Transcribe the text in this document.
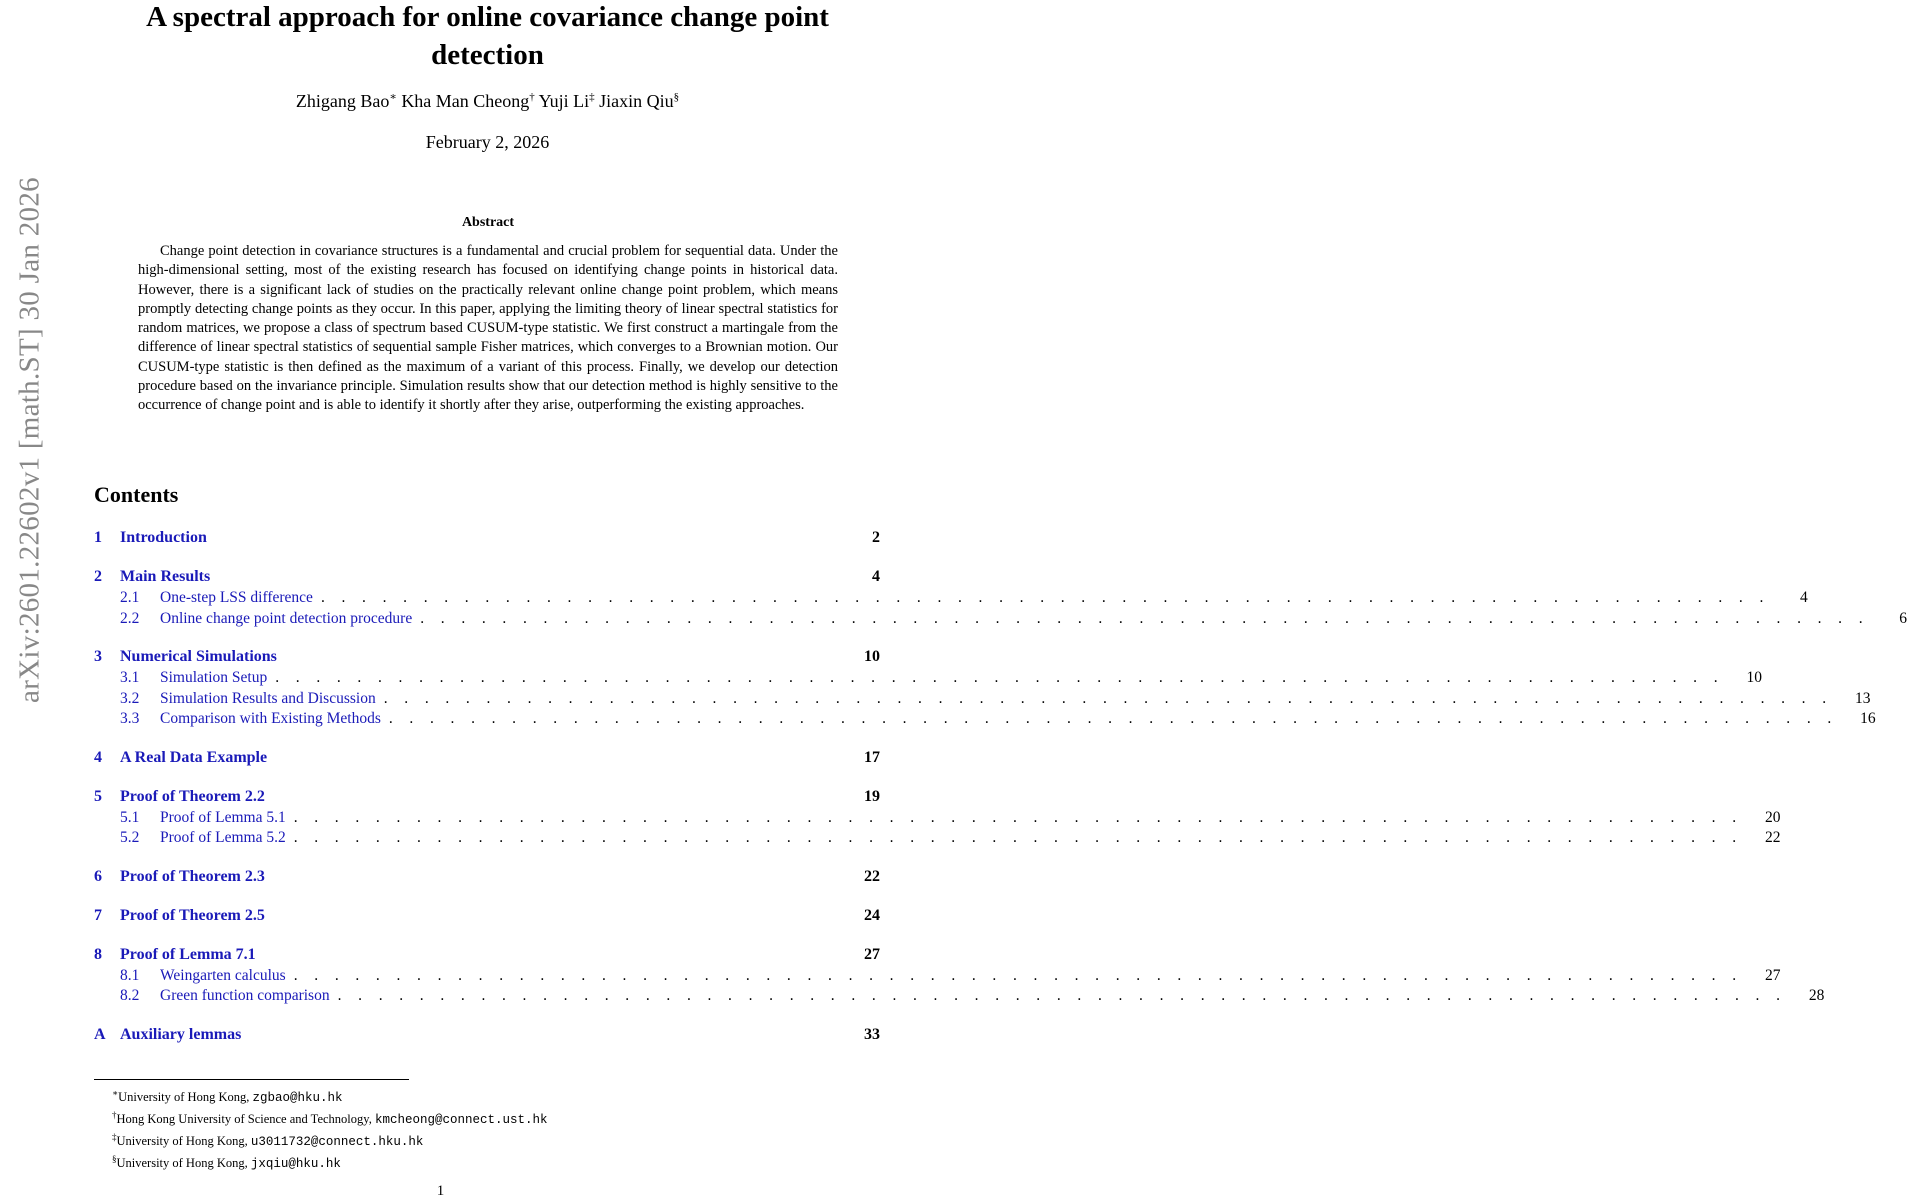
arXiv:2601.22602v1 [math.ST] 30 Jan 2026
A spectral approach for online covariance change point detection
Zhigang Bao∗ Kha Man Cheong† Yuji Li‡ Jiaxin Qiu§
February 2, 2026
Abstract
Change point detection in covariance structures is a fundamental and crucial problem for sequential data. Under the high-dimensional setting, most of the existing research has focused on identifying change points in historical data. However, there is a significant lack of studies on the practically relevant online change point problem, which means promptly detecting change points as they occur. In this paper, applying the limiting theory of linear spectral statistics for random matrices, we propose a class of spectrum based CUSUM-type statistic. We first construct a martingale from the difference of linear spectral statistics of sequential sample Fisher matrices, which converges to a Brownian motion. Our CUSUM-type statistic is then defined as the maximum of a variant of this process. Finally, we develop our detection procedure based on the invariance principle. Simulation results show that our detection method is highly sensitive to the occurrence of change point and is able to identify it shortly after they arise, outperforming the existing approaches.
Contents
1	Introduction	2
2	Main Results	4
2.1	One-step LSS difference . . . . . . . . . . . . . . . . . . . . . . . . . . . . . . . . . . . . . . . . . . . . . . . . . . . . . . . . . . . . . . . . . . . . . . .	4
2.2	Online change point detection procedure . . . . . . . . . . . . . . . . . . . . . . . . . . . . . . . . . . . . . . . . . . . . . . . . . . . . . . . . . . . . . . . . . . . . . . .	6
3	Numerical Simulations	10
3.1	Simulation Setup . . . . . . . . . . . . . . . . . . . . . . . . . . . . . . . . . . . . . . . . . . . . . . . . . . . . . . . . . . . . . . . . . . . . . . .	10
3.2	Simulation Results and Discussion . . . . . . . . . . . . . . . . . . . . . . . . . . . . . . . . . . . . . . . . . . . . . . . . . . . . . . . . . . . . . . . . . . . . . . .	13
3.3	Comparison with Existing Methods . . . . . . . . . . . . . . . . . . . . . . . . . . . . . . . . . . . . . . . . . . . . . . . . . . . . . . . . . . . . . . . . . . . . . . .	16
4	A Real Data Example	17
5	Proof of Theorem 2.2	19
5.1	Proof of Lemma 5.1 . . . . . . . . . . . . . . . . . . . . . . . . . . . . . . . . . . . . . . . . . . . . . . . . . . . . . . . . . . . . . . . . . . . . . . .	20
5.2	Proof of Lemma 5.2 . . . . . . . . . . . . . . . . . . . . . . . . . . . . . . . . . . . . . . . . . . . . . . . . . . . . . . . . . . . . . . . . . . . . . . .	22
6	Proof of Theorem 2.3	22
7	Proof of Theorem 2.5	24
8	Proof of Lemma 7.1	27
8.1	Weingarten calculus . . . . . . . . . . . . . . . . . . . . . . . . . . . . . . . . . . . . . . . . . . . . . . . . . . . . . . . . . . . . . . . . . . . . . . .	27
8.2	Green function comparison . . . . . . . . . . . . . . . . . . . . . . . . . . . . . . . . . . . . . . . . . . . . . . . . . . . . . . . . . . . . . . . . . . . . . . .	28
A Auxiliary lemmas	33
∗University of Hong Kong, zgbao@hku.hk
†Hong Kong University of Science and Technology, kmcheong@connect.ust.hk
‡University of Hong Kong, u3011732@connect.hku.hk
§University of Hong Kong, jxqiu@hku.hk
1
